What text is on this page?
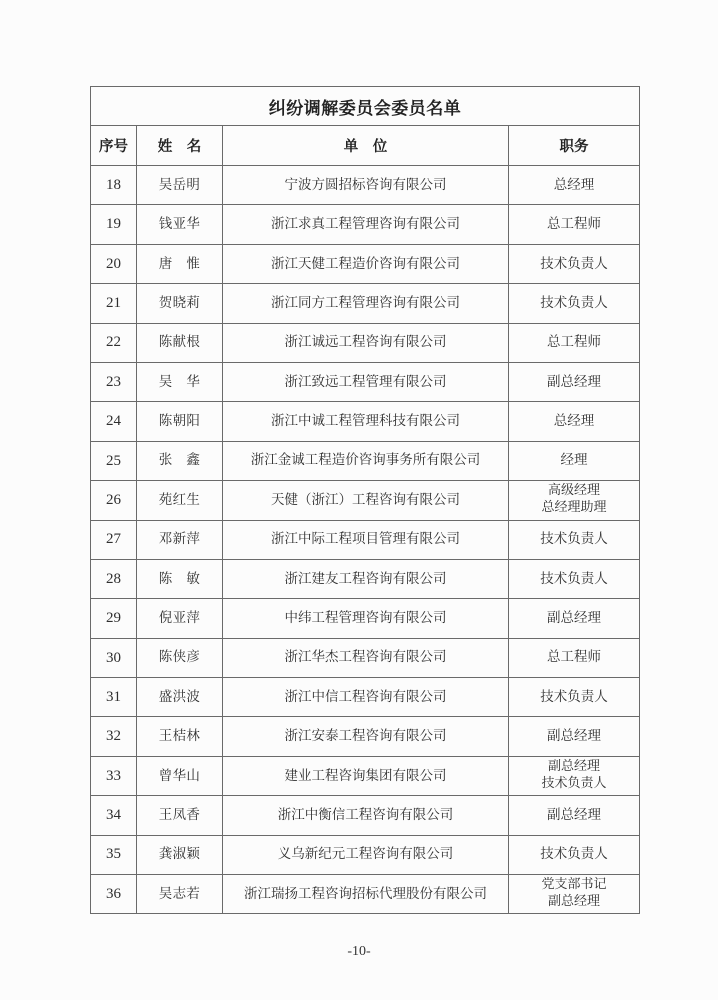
纠纷调解委员会委员名单			
序号	姓　名	单　位	职务
18	吴岳明	宁波方圆招标咨询有限公司	总经理

19	钱亚华	浙江求真工程管理咨询有限公司	总工程师

20	唐　惟	浙江天健工程造价咨询有限公司	技术负责人

21	贺晓莉	浙江同方工程管理咨询有限公司	技术负责人

22	陈献根	浙江诚远工程咨询有限公司	总工程师

23	吴　华	浙江致远工程管理有限公司	副总经理

24	陈朝阳	浙江中诚工程管理科技有限公司	总经理

25	张　鑫	浙江金诚工程造价咨询事务所有限公司	经理

26	苑红生	天健（浙江）工程咨询有限公司	高级经理
总经理助理

27	邓新萍	浙江中际工程项目管理有限公司	技术负责人

28	陈　敏	浙江建友工程咨询有限公司	技术负责人

29	倪亚萍	中纬工程管理咨询有限公司	副总经理

30	陈侠彦	浙江华杰工程咨询有限公司	总工程师

31	盛洪波	浙江中信工程咨询有限公司	技术负责人

32	王桔林	浙江安泰工程咨询有限公司	副总经理

33	曾华山	建业工程咨询集团有限公司	副总经理
技术负责人

34	王凤香	浙江中衡信工程咨询有限公司	副总经理

35	龚淑颖	义乌新纪元工程咨询有限公司	技术负责人

36	吴志若	浙江瑞扬工程咨询招标代理股份有限公司	党支部书记
副总经理
-10-
